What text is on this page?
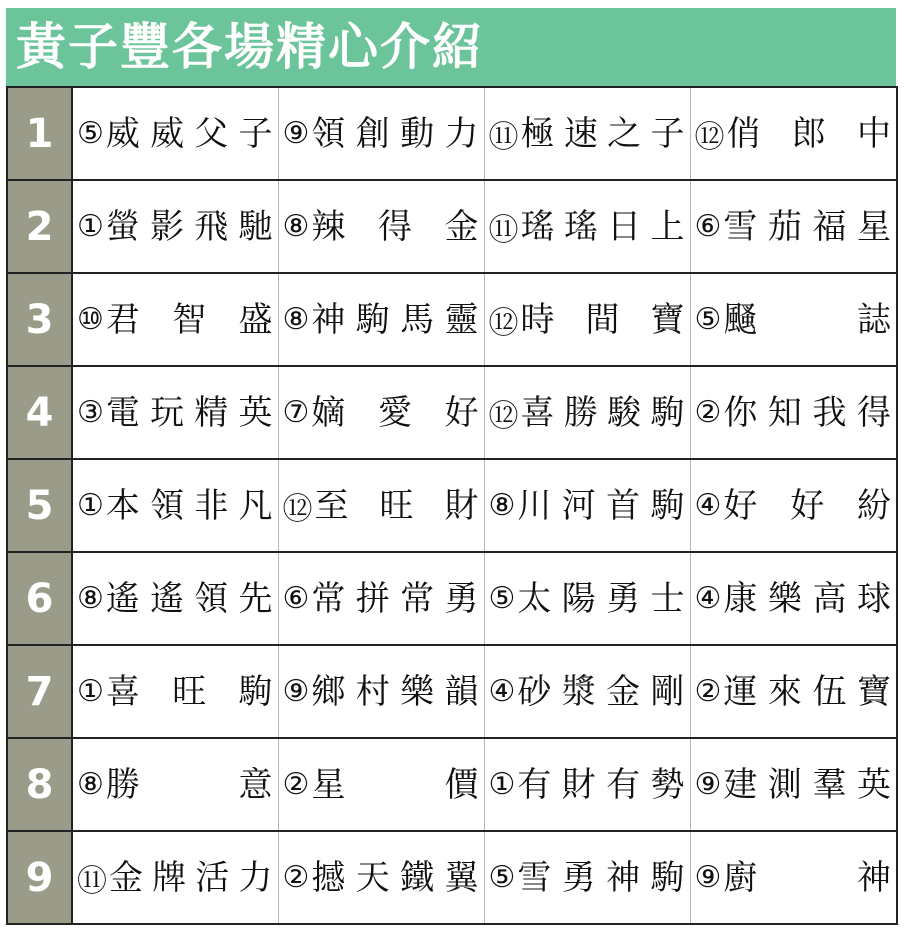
黃子豐各場精心介紹
1	⑤ 威威父子	⑨ 領創動力	⑪ 極速之子	⑫ 俏 郎 中

2	① 螢影飛馳	⑧ 辣 得 金	⑪ 瑤瑤日上	⑥ 雪茄福星

3	⑩ 君 智 盛	⑧ 神駒馬靈	⑫ 時 間 寶	⑤ 颾 誌

4	③ 電玩精英	⑦ 嫡 愛 好	⑫ 喜勝駿駒	② 你知我得

5	① 本領非凡	⑫ 至 旺 財	⑧ 川河首駒	④ 好 好 紛

6	⑧ 遙遙領先	⑥ 常拼常勇	⑤ 太陽勇士	④ 康樂高球

7	① 喜 旺 駒	⑨ 鄉村樂韻	④ 砂漿金剛	② 運來伍寶

8	⑧ 勝 意	② 星 價	① 有財有勢	⑨ 建測羣英

9	⑪ 金牌活力	② 撼天鐵翼	⑤ 雪勇神駒	⑨ 廚 神
